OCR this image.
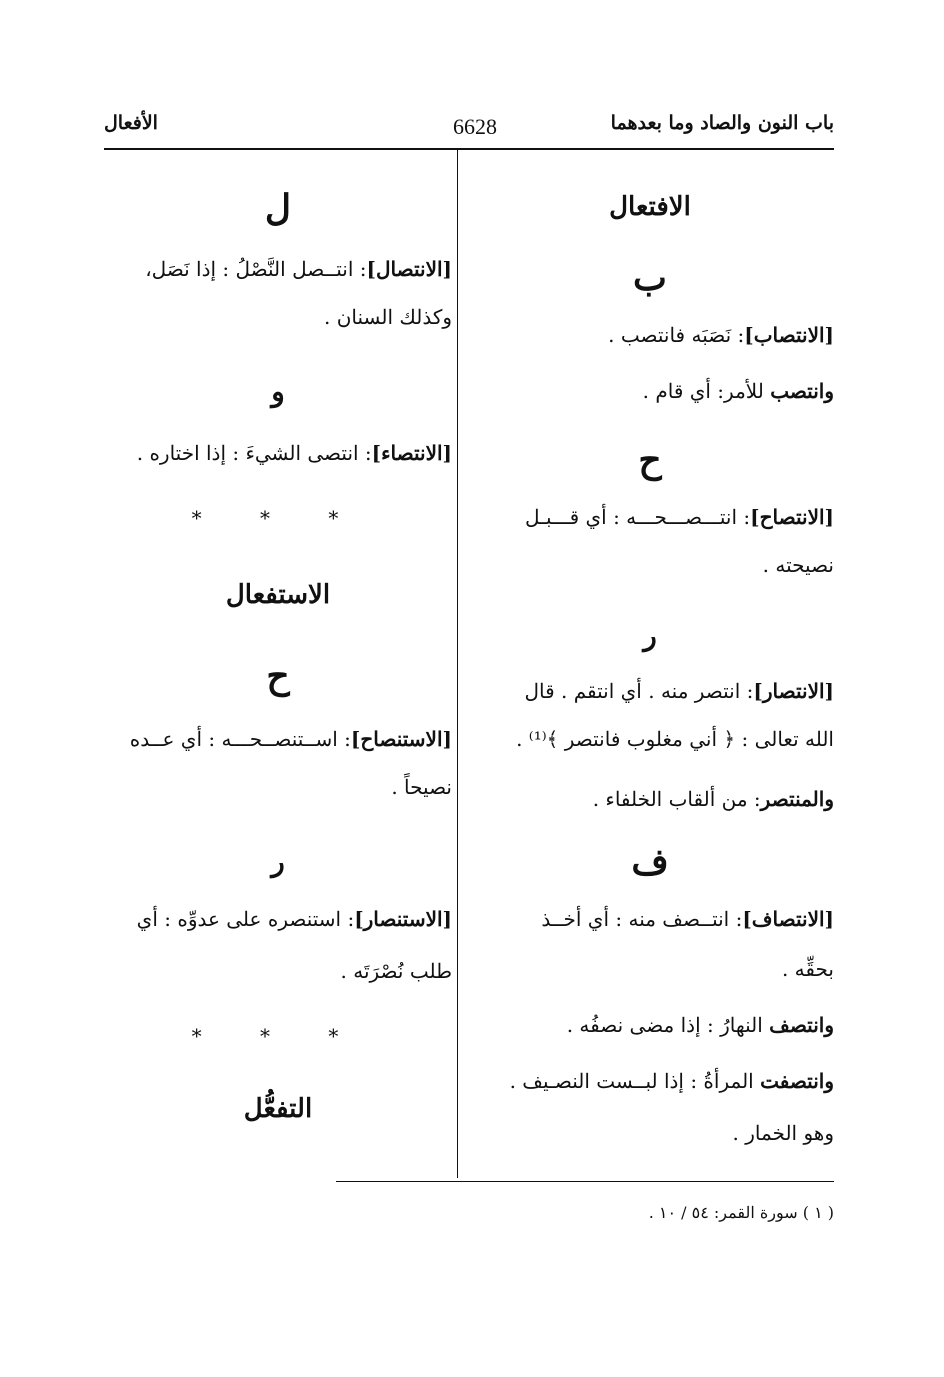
باب النون والصاد وما بعدهما
6628
الأفعال
الافتعال
ب
[الانتصاب]: نَصَبَه فانتصب .
وانتصب للأمر: أي قام .
ح
[الانتصاح]: انتـــصـــحـــه : أي قـــبـل
نصيحته .
ر
[الانتصار]: انتصر منه . أي انتقم . قال
الله تعالى : ﴿ أني مغلوب فانتصر ﴾⁽¹⁾ .
والمنتصر: من ألقاب الخلفاء .
ف
[الانتصاف]: انتــصف منه : أي أخــذ
بحقِّه .
وانتصف النهارُ : إذا مضى نصفُه .
وانتصفت المرأةُ : إذا لبــست النصـيف .
وهو الخمار .
ل
[الانتصال]: انتــصل النَّصْلُ : إذا نَصَل،
وكذلك السنان .
و
[الانتصاء]: انتصى الشيءَ : إذا اختاره .
* * *
الاستفعال
ح
[الاستنصاح]: اســتنصــحـــه : أي عــده
نصيحاً .
ر
[الاستنصار]: استنصره على عدوِّه : أي
طلب نُصْرَتَه .
* * *
التفعُّل
( ١ ) سورة القمر: ٥٤ / ١٠ .
